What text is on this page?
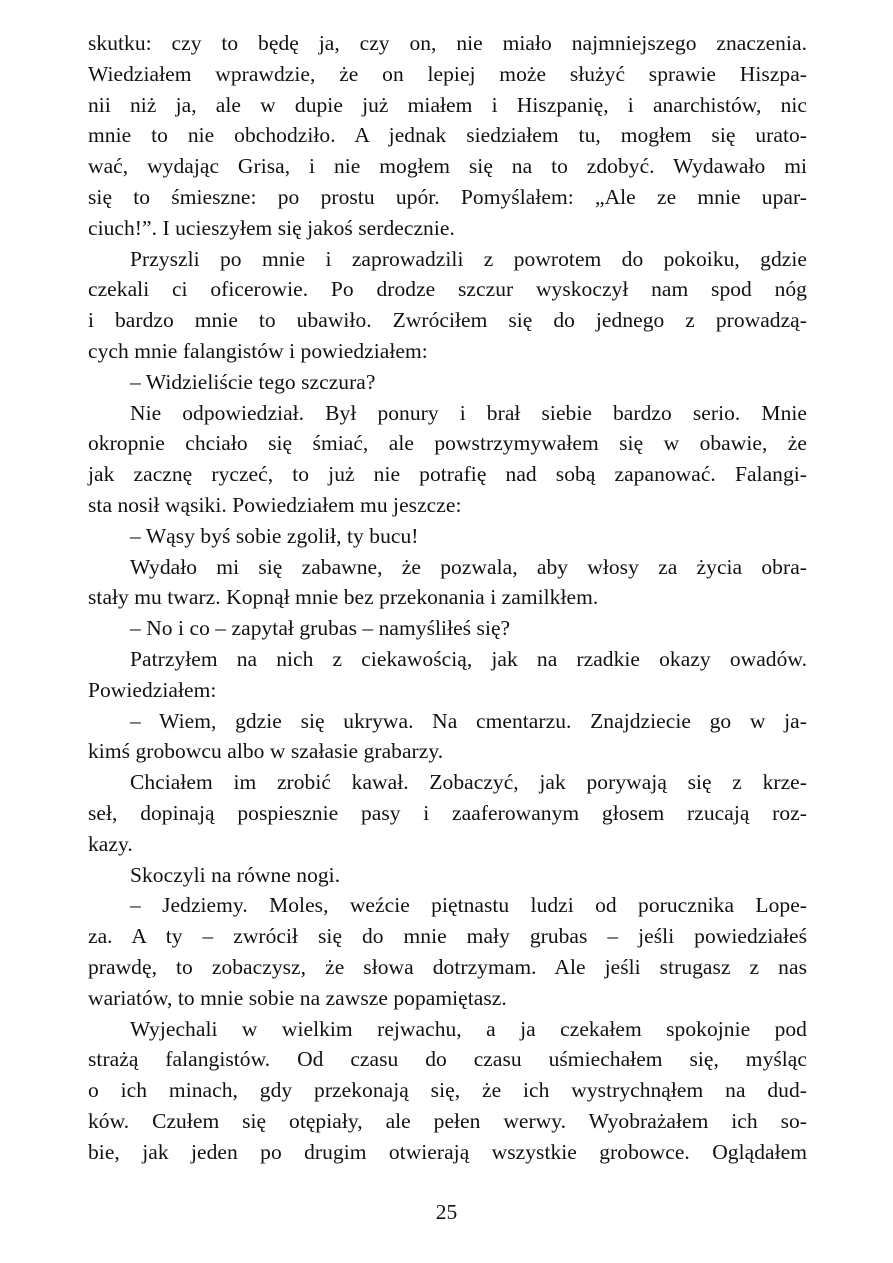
skutku: czy to będę ja, czy on, nie miało najmniejszego znaczenia.
Wiedziałem wprawdzie, że on lepiej może służyć sprawie Hiszpa-
nii niż ja, ale w dupie już miałem i Hiszpanię, i anarchistów, nic
mnie to nie obchodziło. A jednak siedziałem tu, mogłem się urato-
wać, wydając Grisa, i nie mogłem się na to zdobyć. Wydawało mi
się to śmieszne: po prostu upór. Pomyślałem: „Ale ze mnie upar-
ciuch!”. I ucieszyłem się jakoś serdecznie.
Przyszli po mnie i zaprowadzili z powrotem do pokoiku, gdzie
czekali ci oficerowie. Po drodze szczur wyskoczył nam spod nóg
i bardzo mnie to ubawiło. Zwróciłem się do jednego z prowadzą-
cych mnie falangistów i powiedziałem:
– Widzieliście tego szczura?
Nie odpowiedział. Był ponury i brał siebie bardzo serio. Mnie
okropnie chciało się śmiać, ale powstrzymywałem się w obawie, że
jak zacznę ryczeć, to już nie potrafię nad sobą zapanować. Falangi-
sta nosił wąsiki. Powiedziałem mu jeszcze:
– Wąsy byś sobie zgolił, ty bucu!
Wydało mi się zabawne, że pozwala, aby włosy za życia obra-
stały mu twarz. Kopnął mnie bez przekonania i zamilkłem.
– No i co – zapytał grubas – namyśliłeś się?
Patrzyłem na nich z ciekawością, jak na rzadkie okazy owadów.
Powiedziałem:
– Wiem, gdzie się ukrywa. Na cmentarzu. Znajdziecie go w ja-
kimś grobowcu albo w szałasie grabarzy.
Chciałem im zrobić kawał. Zobaczyć, jak porywają się z krze-
seł, dopinają pospiesznie pasy i zaaferowanym głosem rzucają roz-
kazy.
Skoczyli na równe nogi.
– Jedziemy. Moles, weźcie piętnastu ludzi od porucznika Lope-
za. A ty – zwrócił się do mnie mały grubas – jeśli powiedziałeś
prawdę, to zobaczysz, że słowa dotrzymam. Ale jeśli strugasz z nas
wariatów, to mnie sobie na zawsze popamiętasz.
Wyjechali w wielkim rejwachu, a ja czekałem spokojnie pod
strażą falangistów. Od czasu do czasu uśmiechałem się, myśląc
o ich minach, gdy przekonają się, że ich wystrychnąłem na dud-
ków. Czułem się otępiały, ale pełen werwy. Wyobrażałem ich so-
bie, jak jeden po drugim otwierają wszystkie grobowce. Oglądałem
25
